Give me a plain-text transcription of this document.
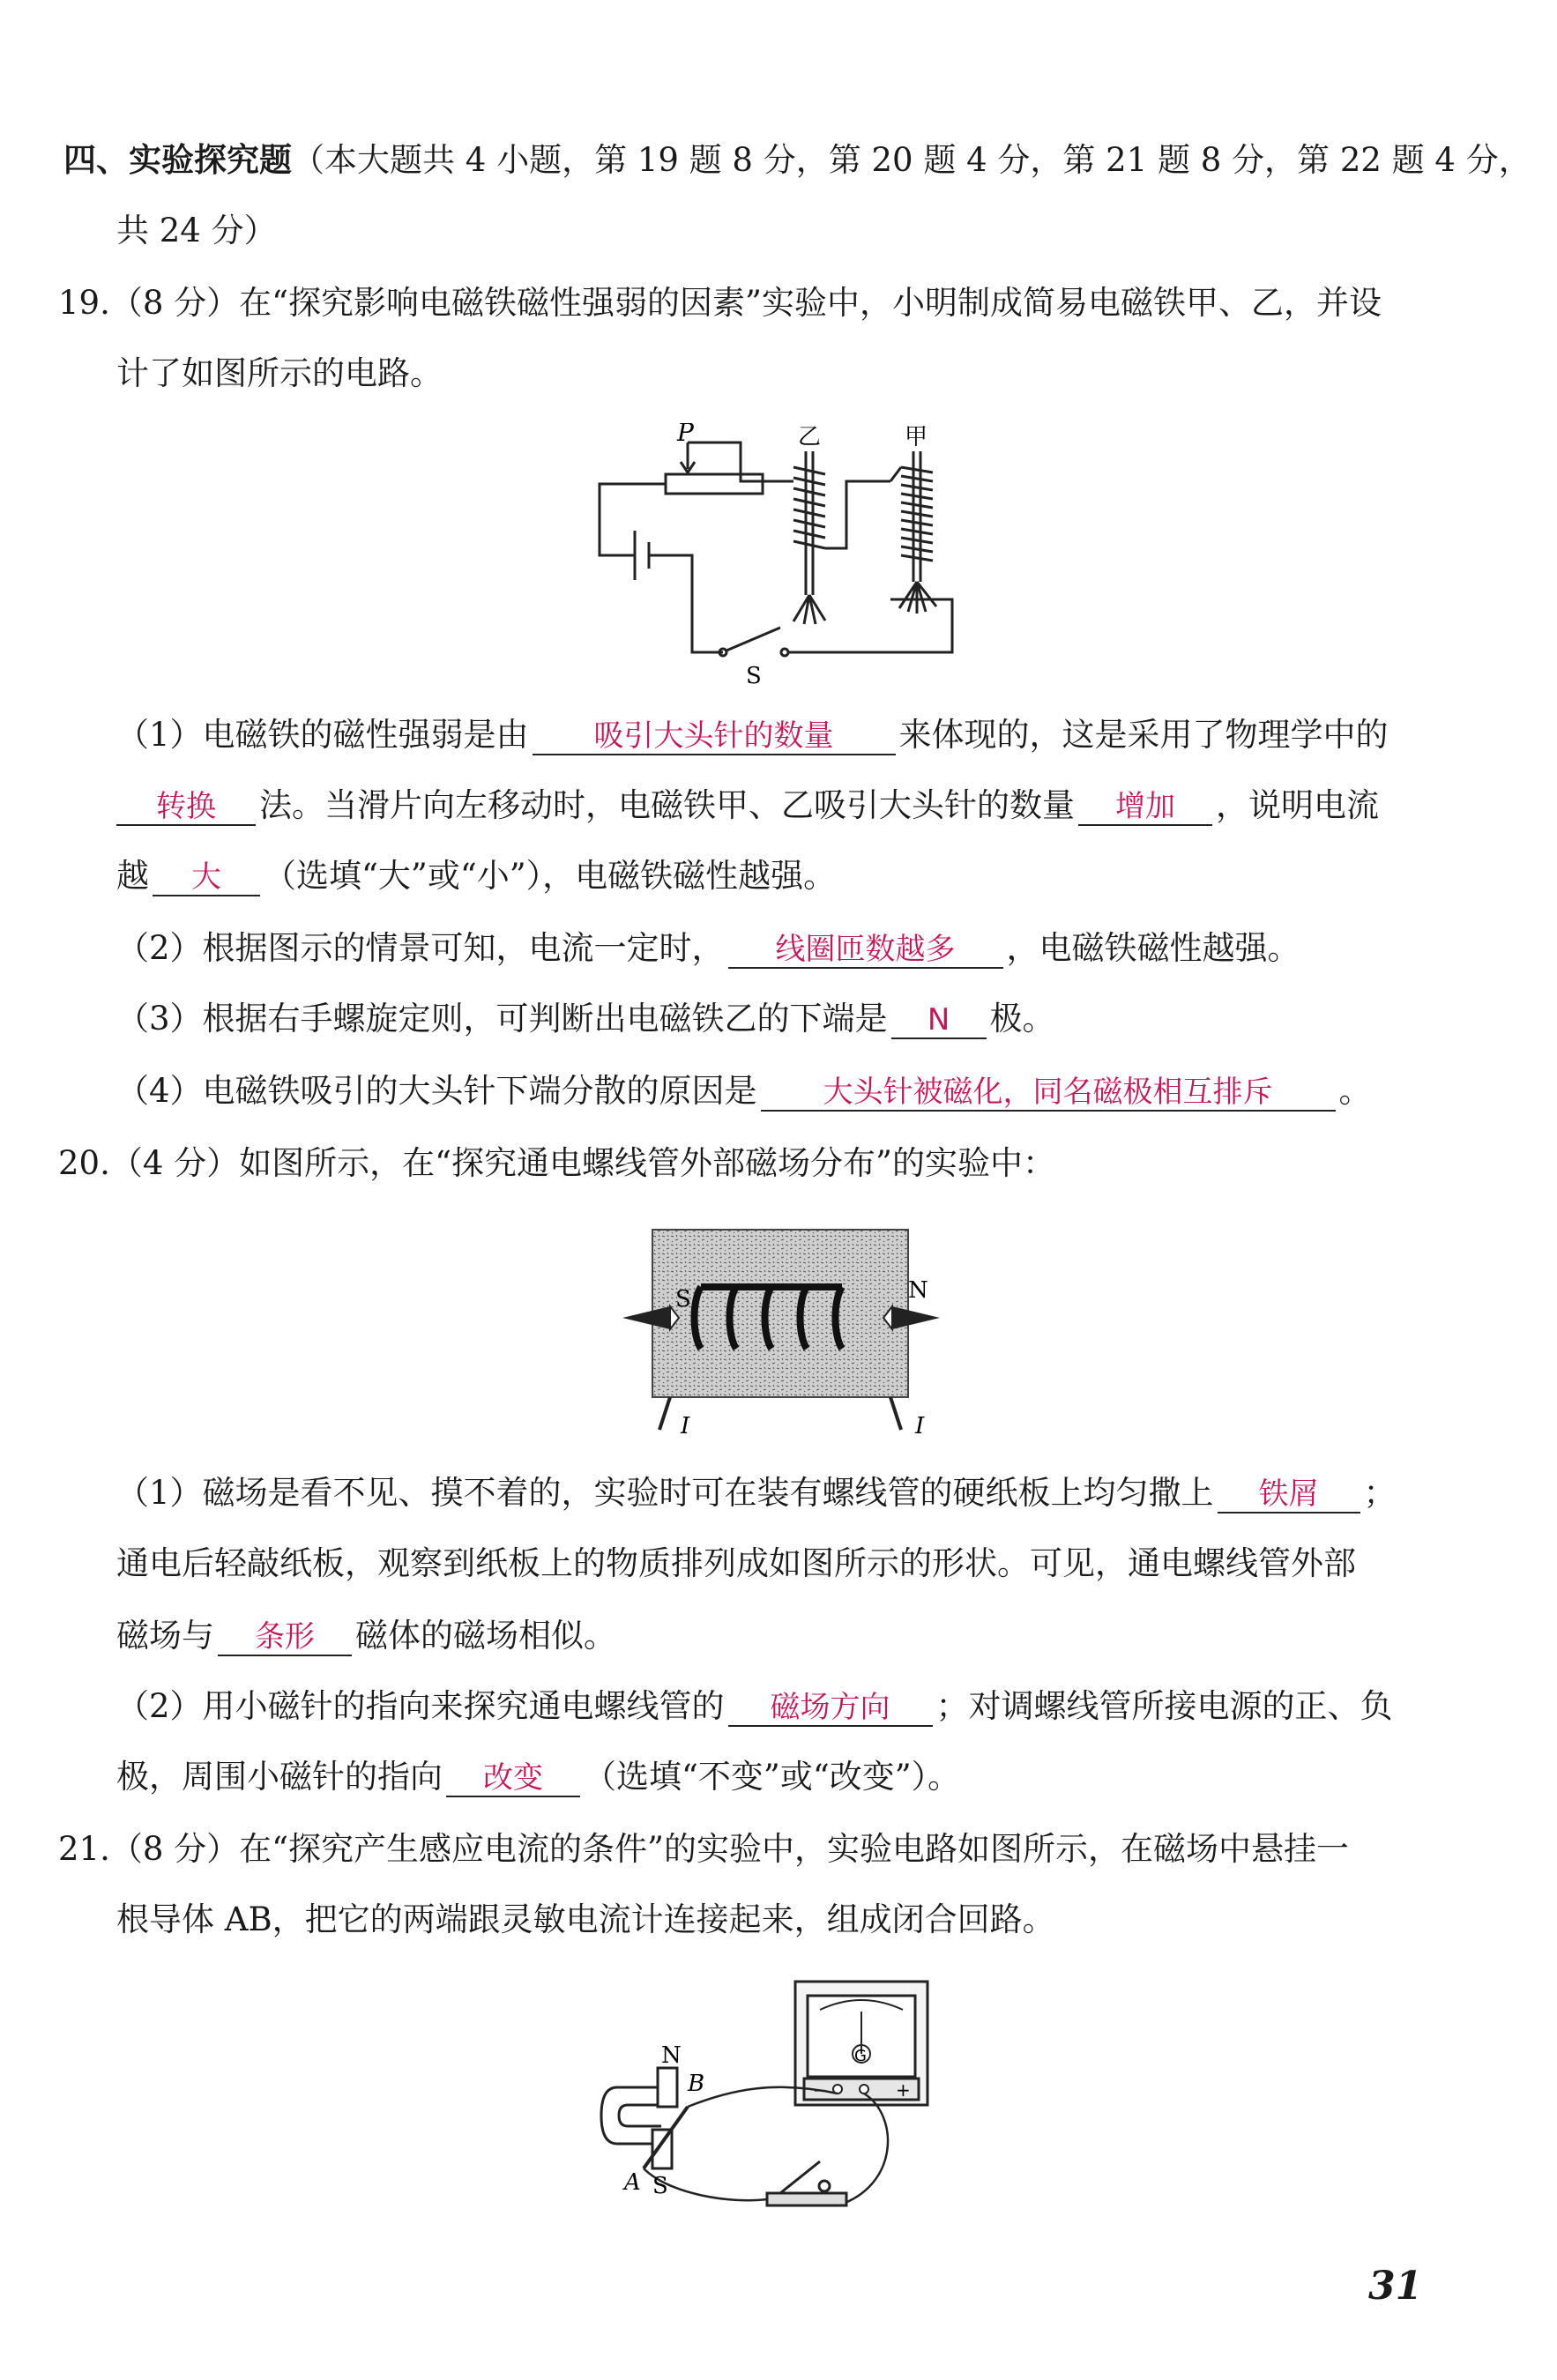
四、实验探究题（本大题共 4 小题，第 19 题 8 分，第 20 题 4 分，第 21 题 8 分，第 22 题 4 分，
共 24 分）
19.（8 分）在“探究影响电磁铁磁性强弱的因素”实验中，小明制成简易电磁铁甲、乙，并设
计了如图所示的电路。
P	乙	甲
S
（1）电磁铁的磁性强弱是由 吸引大头针的数量 来体现的，这是采用了物理学中的
转换 法。当滑片向左移动时，电磁铁甲、乙吸引大头针的数量 增加 ，说明电流
越 大 （选填“大”或“小”），电磁铁磁性越强。
（2）根据图示的情景可知，电流一定时， 线圈匝数越多 ，电磁铁磁性越强。
（3）根据右手螺旋定则，可判断出电磁铁乙的下端是 N 极。
（4）电磁铁吸引的大头针下端分散的原因是 大头针被磁化，同名磁极相互排斥 。
20.（4 分）如图所示，在“探究通电螺线管外部磁场分布”的实验中：
S	N
I	I
（1）磁场是看不见、摸不着的，实验时可在装有螺线管的硬纸板上均匀撒上 铁屑 ；
通电后轻敲纸板，观察到纸板上的物质排列成如图所示的形状。可见，通电螺线管外部
磁场与 条形 磁体的磁场相似。
（2）用小磁针的指向来探究通电螺线管的 磁场方向 ；对调螺线管所接电源的正、负
极，周围小磁针的指向 改变 （选填“不变”或“改变”）。
21.（8 分）在“探究产生感应电流的条件”的实验中，实验电路如图所示，在磁场中悬挂一
根导体 AB，把它的两端跟灵敏电流计连接起来，组成闭合回路。
G
−	+
N
B
A S
31
